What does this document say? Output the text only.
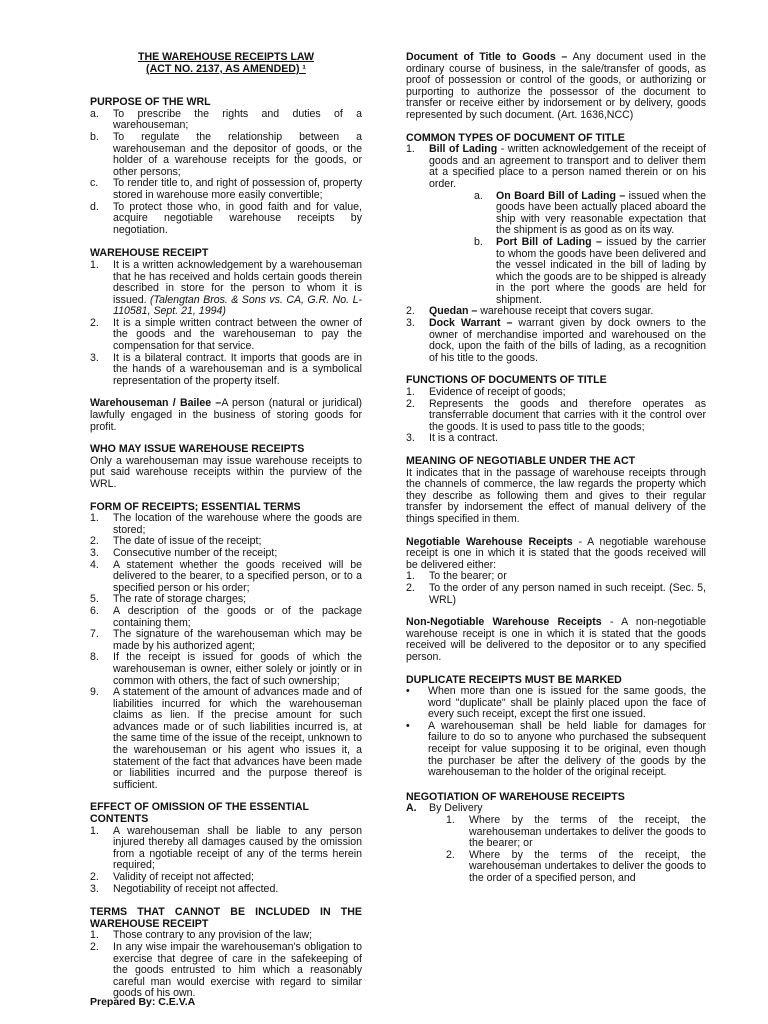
THE WAREHOUSE RECEIPTS LAW
(ACT NO. 2137, AS AMENDED) ¹
PURPOSE OF THE WRL
a.	To prescribe the rights and duties of a warehouseman;
b.	To regulate the relationship between a warehouseman and the depositor of goods, or the holder of a warehouse receipts for the goods, or other persons;
c.	To render title to, and right of possession of, property stored in warehouse more easily convertible;
d.	To protect those who, in good faith and for value, acquire negotiable warehouse receipts by negotiation.
WAREHOUSE RECEIPT
1.	It is a written acknowledgement by a warehouseman that he has received and holds certain goods therein described in store for the person to whom it is issued. (Talengtan Bros. & Sons vs. CA, G.R. No. L-110581, Sept. 21, 1994)
2.	It is a simple written contract between the owner of the goods and the warehouseman to pay the compensation for that service.
3.	It is a bilateral contract. It imports that goods are in the hands of a warehouseman and is a symbolical representation of the property itself.
Warehouseman / Bailee –A person (natural or juridical) lawfully engaged in the business of storing goods for profit.
WHO MAY ISSUE WAREHOUSE RECEIPTS
Only a warehouseman may issue warehouse receipts to put said warehouse receipts within the purview of the WRL.
FORM OF RECEIPTS; ESSENTIAL TERMS
1.	The location of the warehouse where the goods are stored;
2.	The date of issue of the receipt;
3.	Consecutive number of the receipt;
4.	A statement whether the goods received will be delivered to the bearer, to a specified person, or to a specified person or his order;
5.	The rate of storage charges;
6.	A description of the goods or of the package containing them;
7.	The signature of the warehouseman which may be made by his authorized agent;
8.	If the receipt is issued for goods of which the warehouseman is owner, either solely or jointly or in common with others, the fact of such ownership;
9.	A statement of the amount of advances made and of liabilities incurred for which the warehouseman claims as lien. If the precise amount for such advances made or of such liabilities incurred is, at the same time of the issue of the receipt, unknown to the warehouseman or his agent who issues it, a statement of the fact that advances have been made or liabilities incurred and the purpose thereof is sufficient.
EFFECT OF OMISSION OF THE ESSENTIAL CONTENTS
1.	A warehouseman shall be liable to any person injured thereby all damages caused by the omission from a ngotiable receipt of any of the terms herein required;
2.	Validity of receipt not affected;
3.	Negotiability of receipt not affected.
TERMS THAT CANNOT BE INCLUDED IN THE WAREHOUSE RECEIPT
1.	Those contrary to any provision of the law;
2.	In any wise impair the warehouseman's obligation to exercise that degree of care in the safekeeping of the goods entrusted to him which a reasonably careful man would exercise with regard to similar goods of his own.
Document of Title to Goods – Any document used in the ordinary course of business, in the sale/transfer of goods, as proof of possession or control of the goods, or authorizing or purporting to authorize the possessor of the document to transfer or receive either by indorsement or by delivery, goods represented by such document. (Art. 1636,NCC)
COMMON TYPES OF DOCUMENT OF TITLE
1.	Bill of Lading - written acknowledgement of the receipt of goods and an agreement to transport and to deliver them at a specified place to a person named therein or on his order.
a.	On Board Bill of Lading – issued when the goods have been actually placed aboard the ship with very reasonable expectation that the shipment is as good as on its way.
b.	Port Bill of Lading – issued by the carrier to whom the goods have been delivered and the vessel indicated in the bill of lading by which the goods are to be shipped is already in the port where the goods are held for shipment.
2.	Quedan – warehouse receipt that covers sugar.
3.	Dock Warrant – warrant given by dock owners to the owner of merchandise imported and warehoused on the dock, upon the faith of the bills of lading, as a recognition of his title to the goods.
FUNCTIONS OF DOCUMENTS OF TITLE
1.	Evidence of receipt of goods;
2.	Represents the goods and therefore operates as transferrable document that carries with it the control over the goods. It is used to pass title to the goods;
3.	It is a contract.
MEANING OF NEGOTIABLE UNDER THE ACT
It indicates that in the passage of warehouse receipts through the channels of commerce, the law regards the property which they describe as following them and gives to their regular transfer by indorsement the effect of manual delivery of the things specified in them.
Negotiable Warehouse Receipts - A negotiable warehouse receipt is one in which it is stated that the goods received will be delivered either:
1.	To the bearer; or
2.	To the order of any person named in such receipt. (Sec. 5, WRL)
Non-Negotiable Warehouse Receipts - A non-negotiable warehouse receipt is one in which it is stated that the goods received will be delivered to the depositor or to any specified person.
DUPLICATE RECEIPTS MUST BE MARKED
•	When more than one is issued for the same goods, the word "duplicate" shall be plainly placed upon the face of every such receipt, except the first one issued.
•	A warehouseman shall be held liable for damages for failure to do so to anyone who purchased the subsequent receipt for value supposing it to be original, even though the purchaser be after the delivery of the goods by the warehouseman to the holder of the original receipt.
NEGOTIATION OF WAREHOUSE RECEIPTS
A.	By Delivery
1.	Where by the terms of the receipt, the warehouseman undertakes to deliver the goods to the bearer; or
2.	Where by the terms of the receipt, the warehouseman undertakes to deliver the goods to the order of a specified person, and
Prepared By: C.E.V.A
